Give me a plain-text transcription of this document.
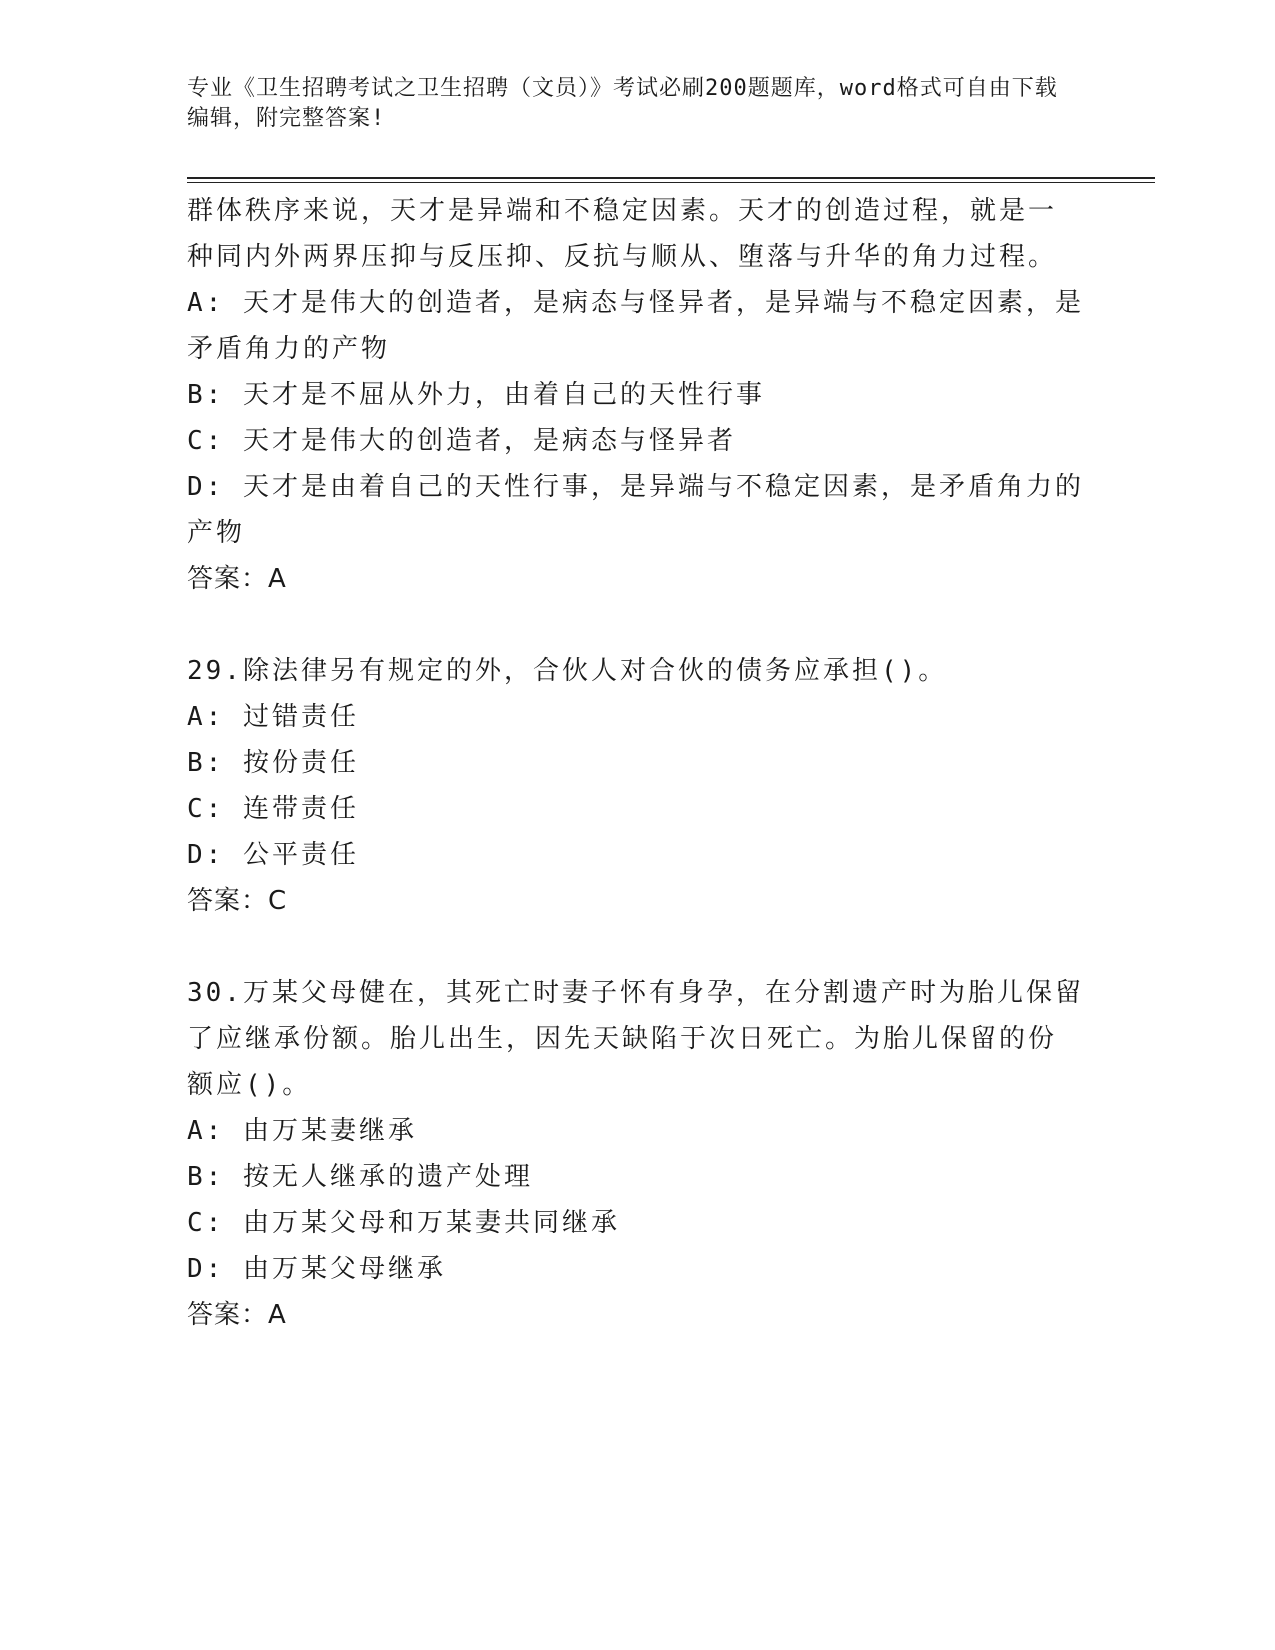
专业《卫生招聘考试之卫生招聘（文员）》考试必刷200题题库，word格式可自由下载编辑，附完整答案!
群体秩序来说，天才是异端和不稳定因素。天才的创造过程，就是一
种同内外两界压抑与反压抑、反抗与顺从、堕落与升华的角力过程。
A: 天才是伟大的创造者，是病态与怪异者，是异端与不稳定因素，是
矛盾角力的产物
B: 天才是不屈从外力，由着自己的天性行事
C: 天才是伟大的创造者，是病态与怪异者
D: 天才是由着自己的天性行事，是异端与不稳定因素，是矛盾角力的
产物
答案：A
29.除法律另有规定的外，合伙人对合伙的债务应承担()。
A: 过错责任
B: 按份责任
C: 连带责任
D: 公平责任
答案：C
30.万某父母健在，其死亡时妻子怀有身孕，在分割遗产时为胎儿保留
了应继承份额。胎儿出生，因先天缺陷于次日死亡。为胎儿保留的份
额应()。
A: 由万某妻继承
B: 按无人继承的遗产处理
C: 由万某父母和万某妻共同继承
D: 由万某父母继承
答案：A
